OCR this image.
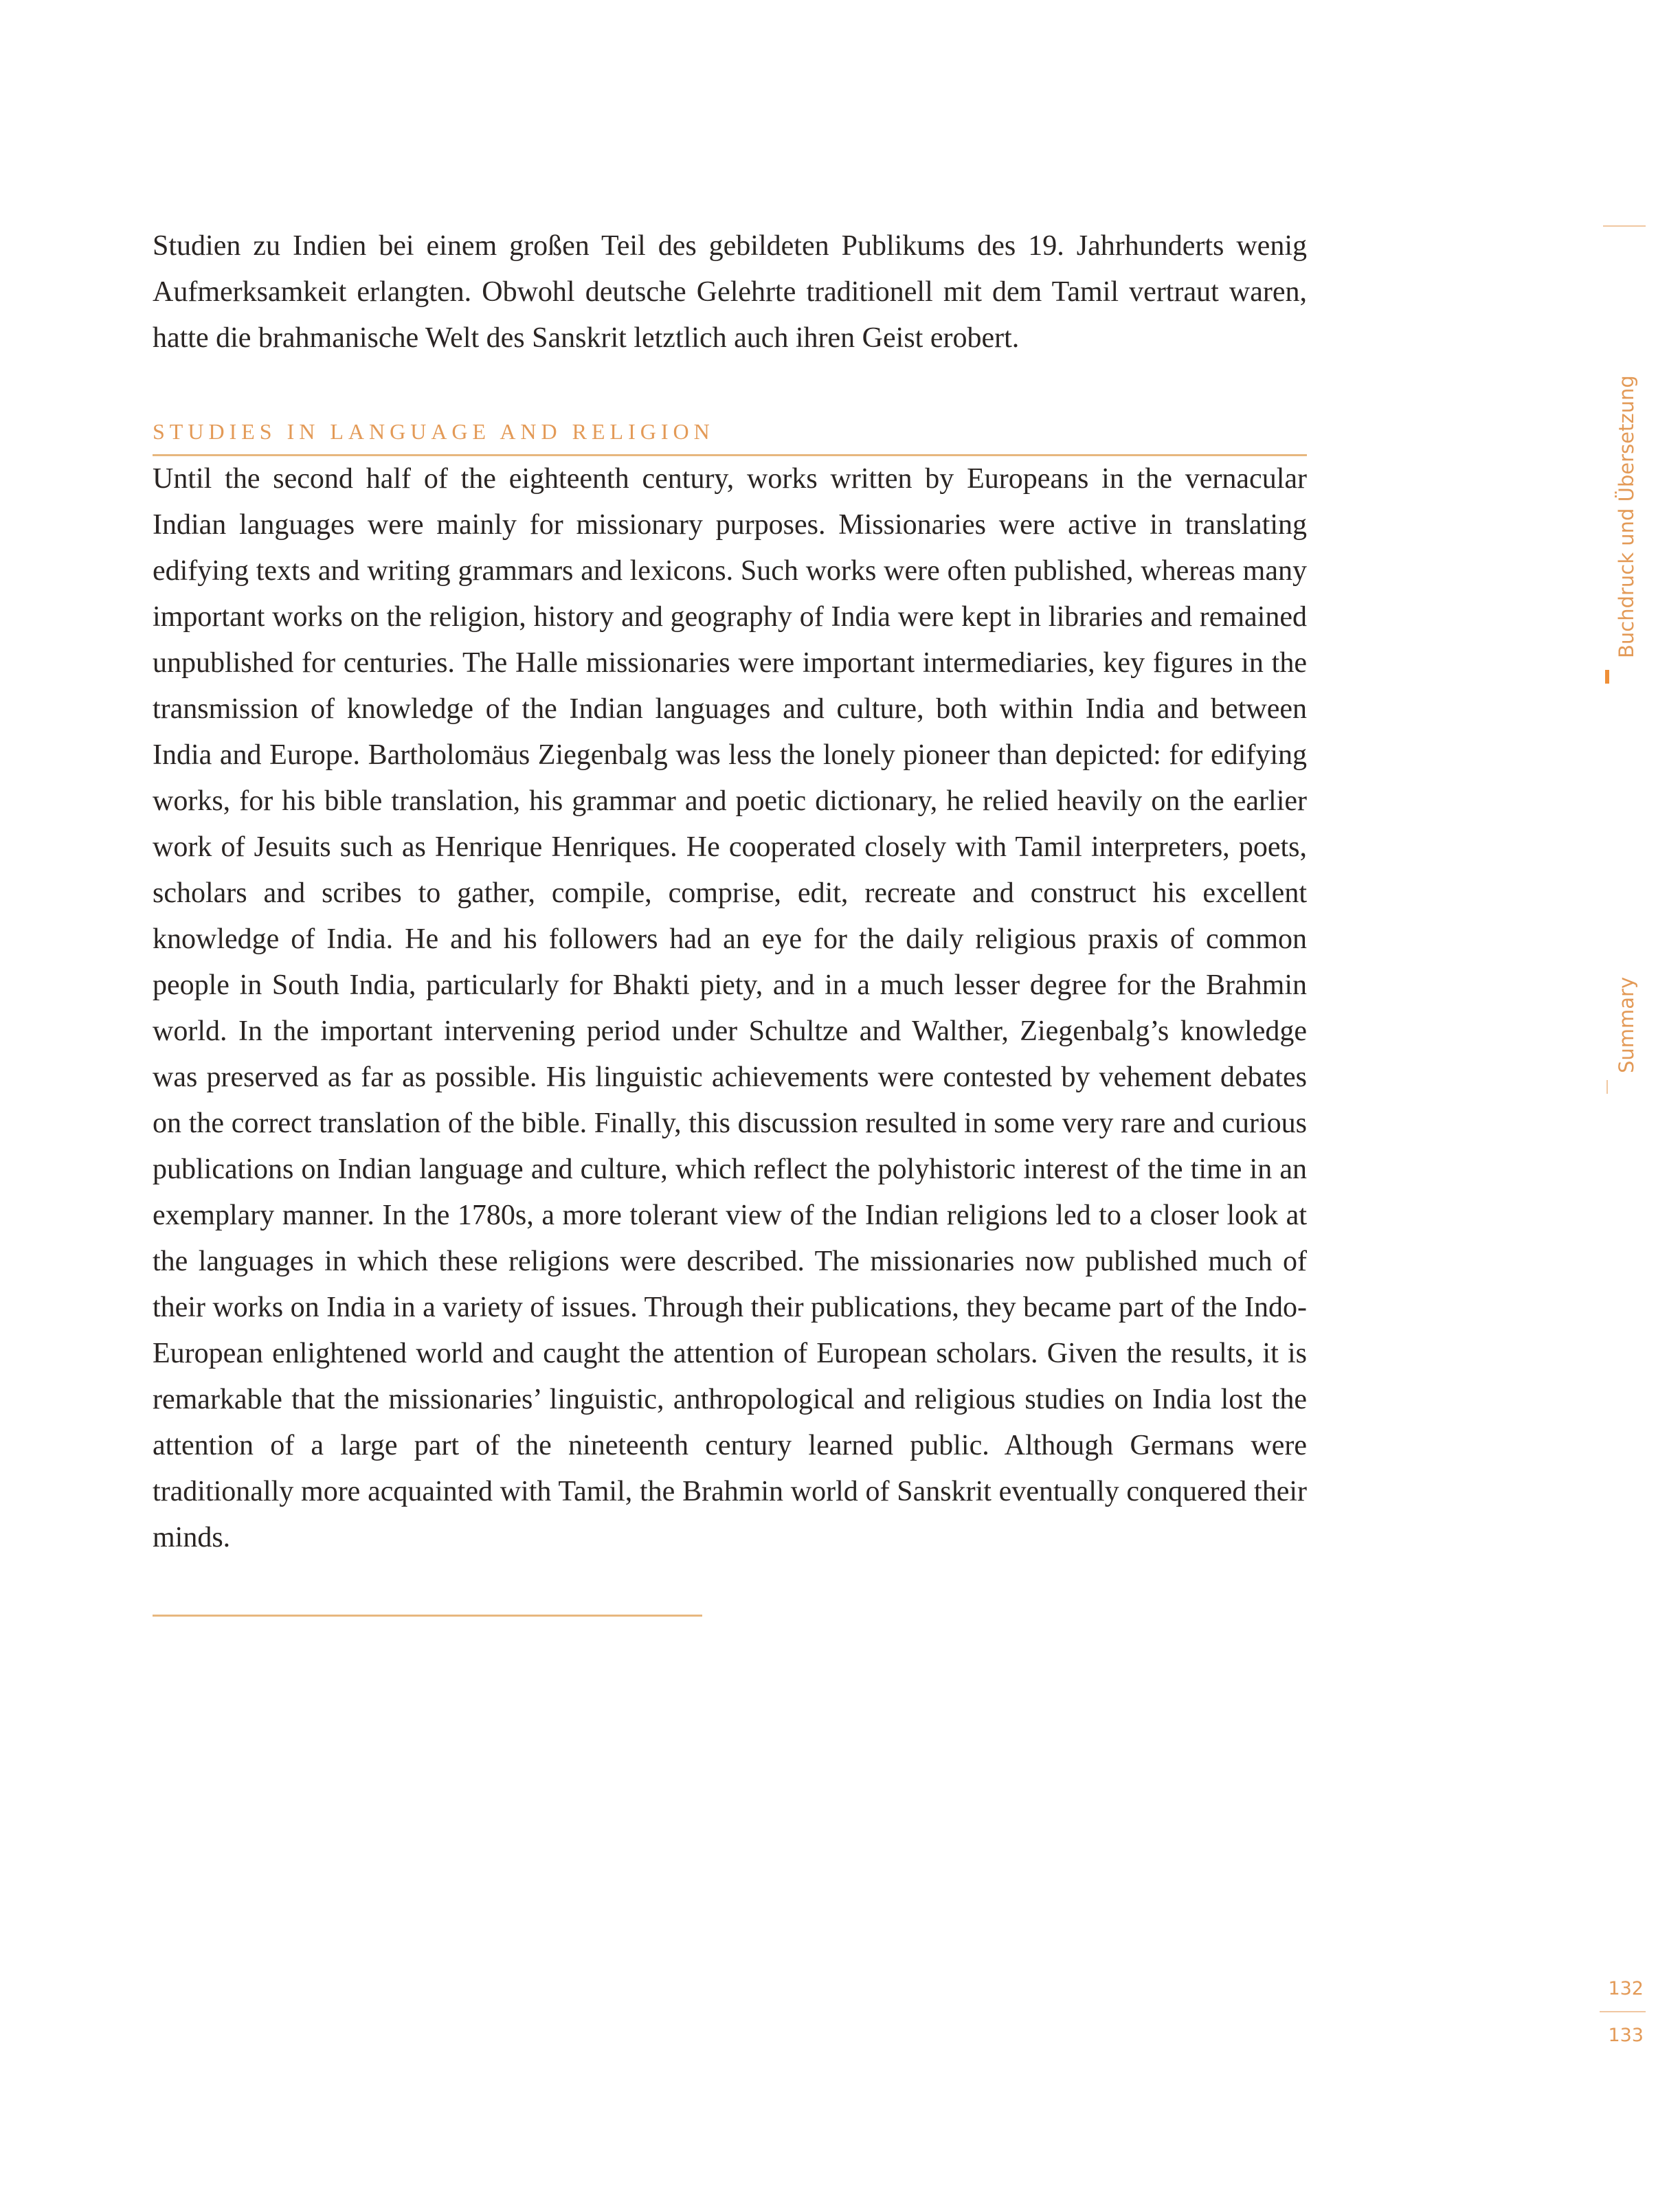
Studien zu Indien bei einem großen Teil des gebildeten Publikums des 19. Jahrhunderts wenig Aufmerksamkeit erlangten. Obwohl deutsche Gelehrte traditionell mit dem Tamil vertraut waren, hatte die brahmanische Welt des Sanskrit letztlich auch ihren Geist erobert.

STUDIES IN LANGUAGE AND RELIGION

Until the second half of the eighteenth century, works written by Europeans in the vernacular Indian languages were mainly for missionary purposes. Missionaries were active in translating edifying texts and writing grammars and lexicons. Such works were often published, whereas many important works on the religion, history and geography of India were kept in libraries and remained unpublished for centuries. The Halle missionaries were important intermediaries, key figures in the transmission of knowledge of the Indian languages and culture, both within India and between India and Europe. Bartholomäus Ziegenbalg was less the lonely pioneer than depicted: for edifying works, for his bible translation, his grammar and poetic dictionary, he relied heavily on the earlier work of Jesuits such as Henrique Henriques. He cooperated closely with Tamil interpreters, poets, scholars and scribes to gather, compile, comprise, edit, recreate and construct his excellent knowledge of India. He and his followers had an eye for the daily religious praxis of common people in South India, particularly for Bhakti piety, and in a much lesser degree for the Brahmin world. In the important intervening period under Schultze and Walther, Ziegenbalg’s knowledge was preserved as far as possible. His linguistic achievements were contested by vehement debates on the correct translation of the bible. Finally, this discussion resulted in some very rare and curious publications on Indian language and culture, which reflect the polyhistoric interest of the time in an exemplary manner. In the 1780s, a more tolerant view of the Indian religions led to a closer look at the languages in which these religions were described. The missionaries now published much of their works on India in a variety of issues. Through their publications, they became part of the Indo-European enlightened world and caught the attention of European scholars. Given the results, it is remarkable that the missionaries’ linguistic, anthropological and religious studies on India lost the attention of a large part of the nineteenth century learned public. Although Germans were traditionally more acquainted with Tamil, the Brahmin world of Sanskrit eventually conquered their minds.

Buchdruck und Übersetzung
Summary
132
133
